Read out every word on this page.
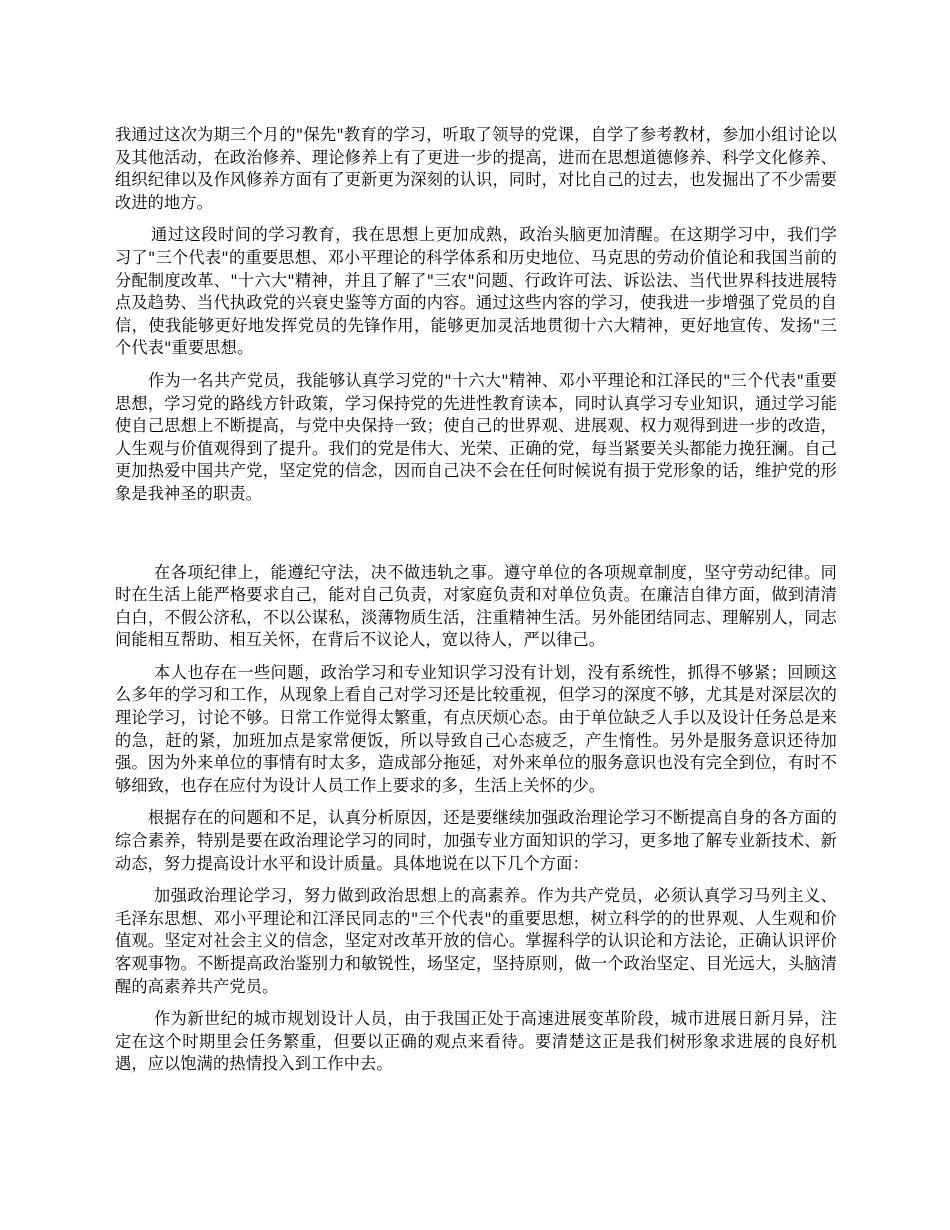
我通过这次为期三个月的"保先"教育的学习，听取了领导的党课，自学了参考教材，参加小组讨论以及其他活动，在政治修养、理论修养上有了更进一步的提高，进而在思想道德修养、科学文化修养、组织纪律以及作风修养方面有了更新更为深刻的认识，同时，对比自己的过去，也发掘出了不少需要改进的地方。

通过这段时间的学习教育，我在思想上更加成熟，政治头脑更加清醒。在这期学习中，我们学习了"三个代表"的重要思想、邓小平理论的科学体系和历史地位、马克思的劳动价值论和我国当前的分配制度改革、"十六大"精神，并且了解了"三农"问题、行政许可法、诉讼法、当代世界科技进展特点及趋势、当代执政党的兴衰史鉴等方面的内容。通过这些内容的学习，使我进一步增强了党员的自信，使我能够更好地发挥党员的先锋作用，能够更加灵活地贯彻十六大精神，更好地宣传、发扬"三个代表"重要思想。

作为一名共产党员，我能够认真学习党的"十六大"精神、邓小平理论和江泽民的"三个代表"重要思想，学习党的路线方针政策，学习保持党的先进性教育读本，同时认真学习专业知识，通过学习能使自己思想上不断提高，与党中央保持一致；使自己的世界观、进展观、权力观得到进一步的改造，人生观与价值观得到了提升。我们的党是伟大、光荣、正确的党，每当紧要关头都能力挽狂澜。自己更加热爱中国共产党，坚定党的信念，因而自己决不会在任何时候说有损于党形象的话，维护党的形象是我神圣的职责。

在各项纪律上，能遵纪守法，决不做违轨之事。遵守单位的各项规章制度，坚守劳动纪律。同时在生活上能严格要求自己，能对自己负责，对家庭负责和对单位负责。在廉洁自律方面，做到清清白白，不假公济私，不以公谋私，淡薄物质生活，注重精神生活。另外能团结同志、理解别人，同志间能相互帮助、相互关怀，在背后不议论人，宽以待人，严以律己。

本人也存在一些问题，政治学习和专业知识学习没有计划，没有系统性，抓得不够紧；回顾这么多年的学习和工作，从现象上看自己对学习还是比较重视，但学习的深度不够，尤其是对深层次的理论学习，讨论不够。日常工作觉得太繁重，有点厌烦心态。由于单位缺乏人手以及设计任务总是来的急，赶的紧，加班加点是家常便饭，所以导致自己心态疲乏，产生惰性。另外是服务意识还待加强。因为外来单位的事情有时太多，造成部分拖延，对外来单位的服务意识也没有完全到位，有时不够细致，也存在应付为设计人员工作上要求的多，生活上关怀的少。

根据存在的问题和不足，认真分析原因，还是要继续加强政治理论学习不断提高自身的各方面的综合素养，特别是要在政治理论学习的同时，加强专业方面知识的学习，更多地了解专业新技术、新动态，努力提高设计水平和设计质量。具体地说在以下几个方面：

加强政治理论学习，努力做到政治思想上的高素养。作为共产党员，必须认真学习马列主义、毛泽东思想、邓小平理论和江泽民同志的"三个代表"的重要思想，树立科学的的世界观、人生观和价值观。坚定对社会主义的信念，坚定对改革开放的信心。掌握科学的认识论和方法论，正确认识评价客观事物。不断提高政治鉴别力和敏锐性，场坚定，坚持原则，做一个政治坚定、目光远大，头脑清醒的高素养共产党员。

作为新世纪的城市规划设计人员，由于我国正处于高速进展变革阶段，城市进展日新月异，注定在这个时期里会任务繁重，但要以正确的观点来看待。要清楚这正是我们树形象求进展的良好机遇，应以饱满的热情投入到工作中去。
